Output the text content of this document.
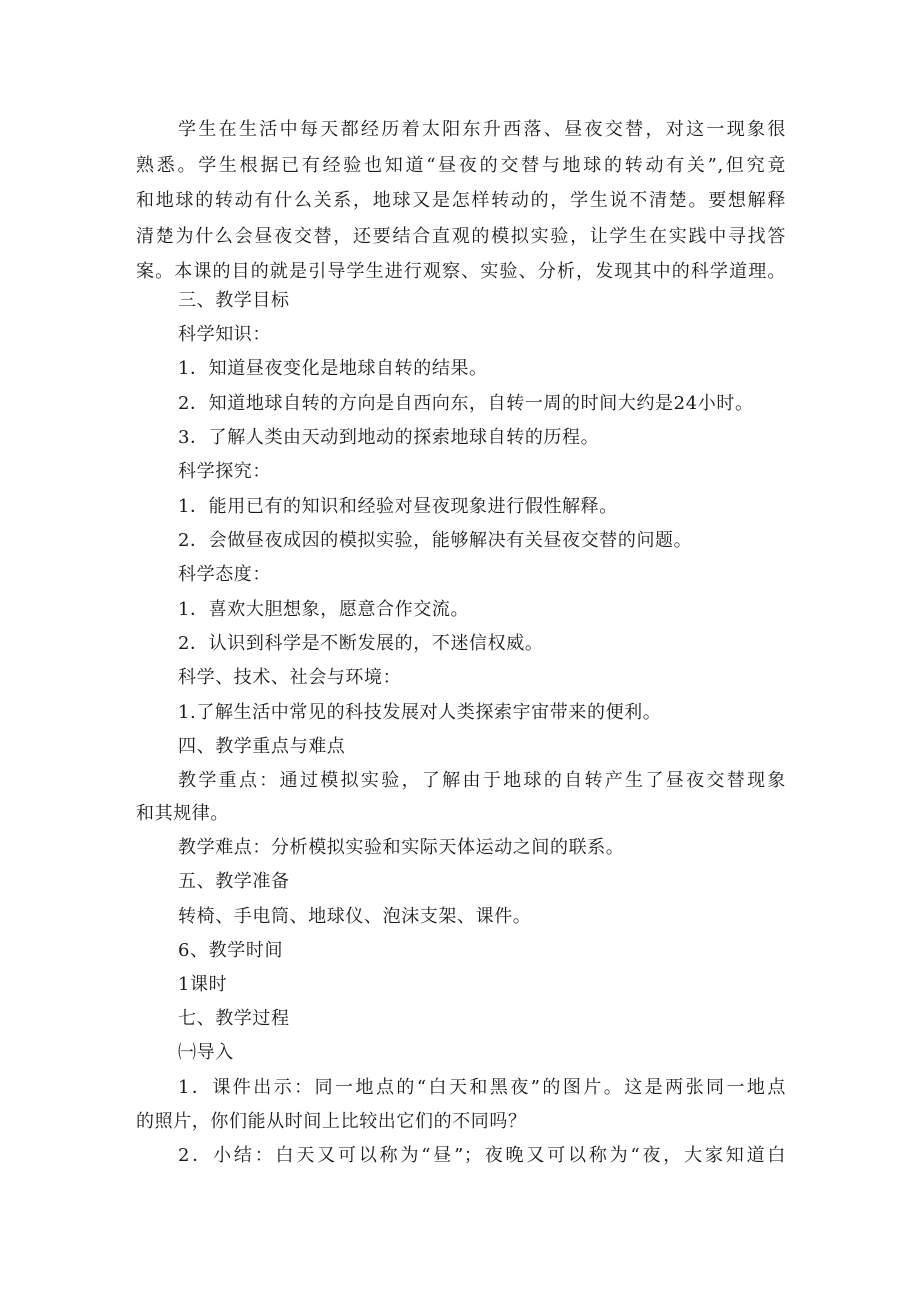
学生在生活中每天都经历着太阳东升西落、昼夜交替，对这一现象很
熟悉。学生根据已有经验也知道“昼夜的交替与地球的转动有关”,但究竟
和地球的转动有什么关系，地球又是怎样转动的，学生说不清楚。要想解释
清楚为什么会昼夜交替，还要结合直观的模拟实验，让学生在实践中寻找答
案。本课的目的就是引导学生进行观察、实验、分析，发现其中的科学道理。
三、教学目标
科学知识：
1．知道昼夜变化是地球自转的结果。
2．知道地球自转的方向是自西向东，自转一周的时间大约是24小时。
3．了解人类由天动到地动的探索地球自转的历程。
科学探究：
1．能用已有的知识和经验对昼夜现象进行假性解释。
2．会做昼夜成因的模拟实验，能够解决有关昼夜交替的问题。
科学态度：
1．喜欢大胆想象，愿意合作交流。
2．认识到科学是不断发展的，不迷信权威。
科学、技术、社会与环境：
1.了解生活中常见的科技发展对人类探索宇宙带来的便利。
四、教学重点与难点
教学重点：通过模拟实验，了解由于地球的自转产生了昼夜交替现象
和其规律。
教学难点：分析模拟实验和实际天体运动之间的联系。
五、教学准备
转椅、手电筒、地球仪、泡沫支架、课件。
6、教学时间
1课时
七、教学过程
㈠导入
1．课件出示：同一地点的“白天和黑夜”的图片。这是两张同一地点
的照片，你们能从时间上比较出它们的不同吗？
2．小结：白天又可以称为“昼”；夜晚又可以称为“夜，大家知道白
